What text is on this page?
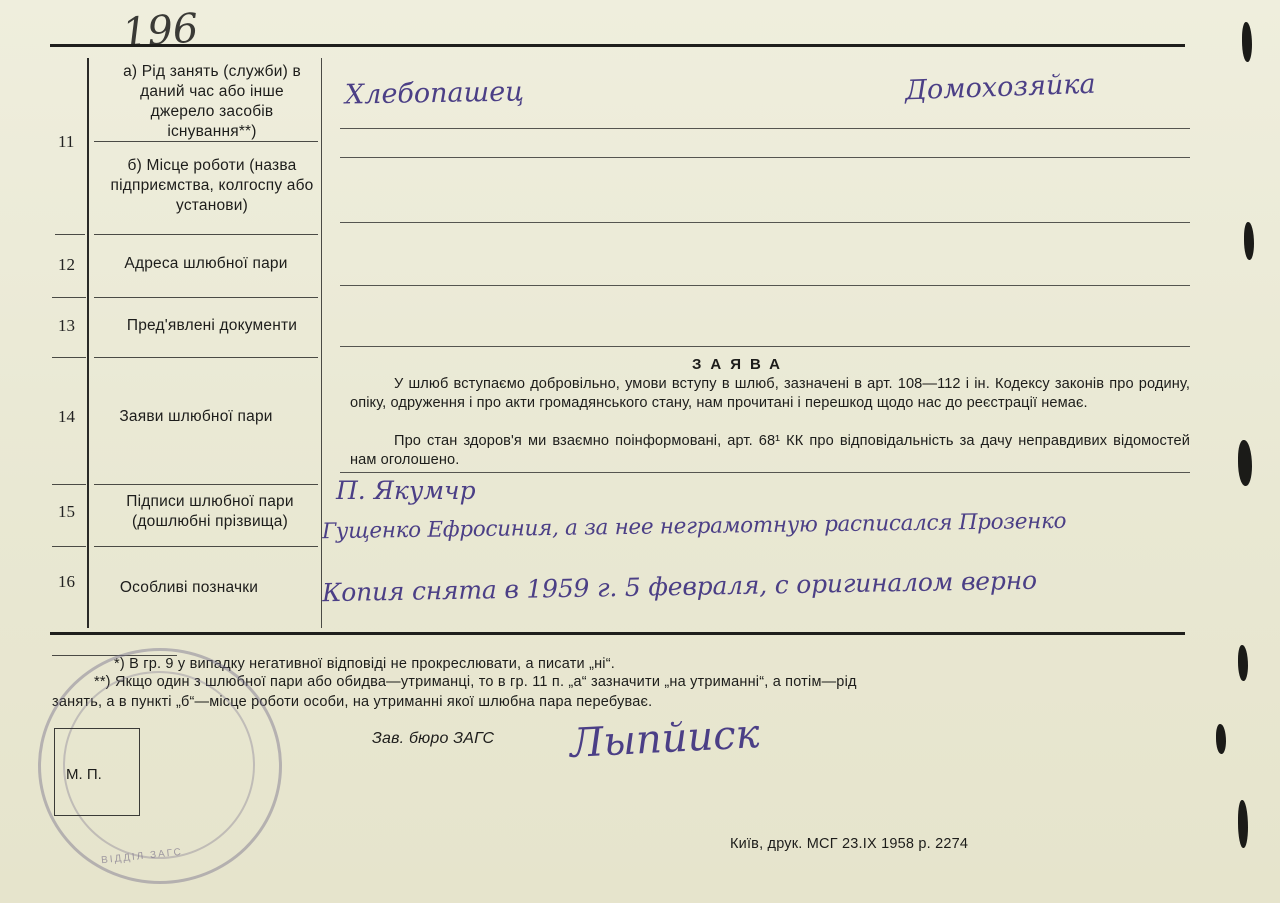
196
11
12
13
14
15
16
а) Рід занять (служби) в даний час або інше джерело засобів існування**)
б) Місце роботи (назва підприємства, колгоспу або установи)
Адреса шлюбної пари
Пред'явлені документи
Заяви шлюбної пари
Підписи шлюбної пари (дошлюбні прізвища)
Особливі позначки
Хлебопашец	Домохозяйка
ЗАЯВА
У шлюб вступаємо добровільно, умови вступу в шлюб, зазначені в арт. 108—112 і ін. Кодексу законів про родину, опіку, одруження і про акти громадянського стану, нам прочитані і перешкод щодо нас до реєстрації немає.
Про стан здоров'я ми взаємно поінформовані, арт. 68¹ КК про відповідальність за дачу неправдивих відомостей нам оголошено.
П. Якумчр
Гущенко Ефросиния, а за нее неграмотную расписался Прозенко
Копия снята в 1959 г. 5 февраля, с оригиналом верно
*) В гр. 9 у випадку негативної відповіді не прокреслювати, а писати „ні“.
**) Якщо один з шлюбної пари або обидва—утриманці, то в гр. 11 п. „а“ зазначити „на утриманні“, а потім—рід
занять, а в пункті „б“—місце роботи особи, на утриманні якої шлюбна пара перебуває.
ВІДДІЛ ЗАГС
М. П.
Зав. бюро ЗАГС Лыпйиск
Київ, друк. МСГ 23.IX 1958 р. 2274
